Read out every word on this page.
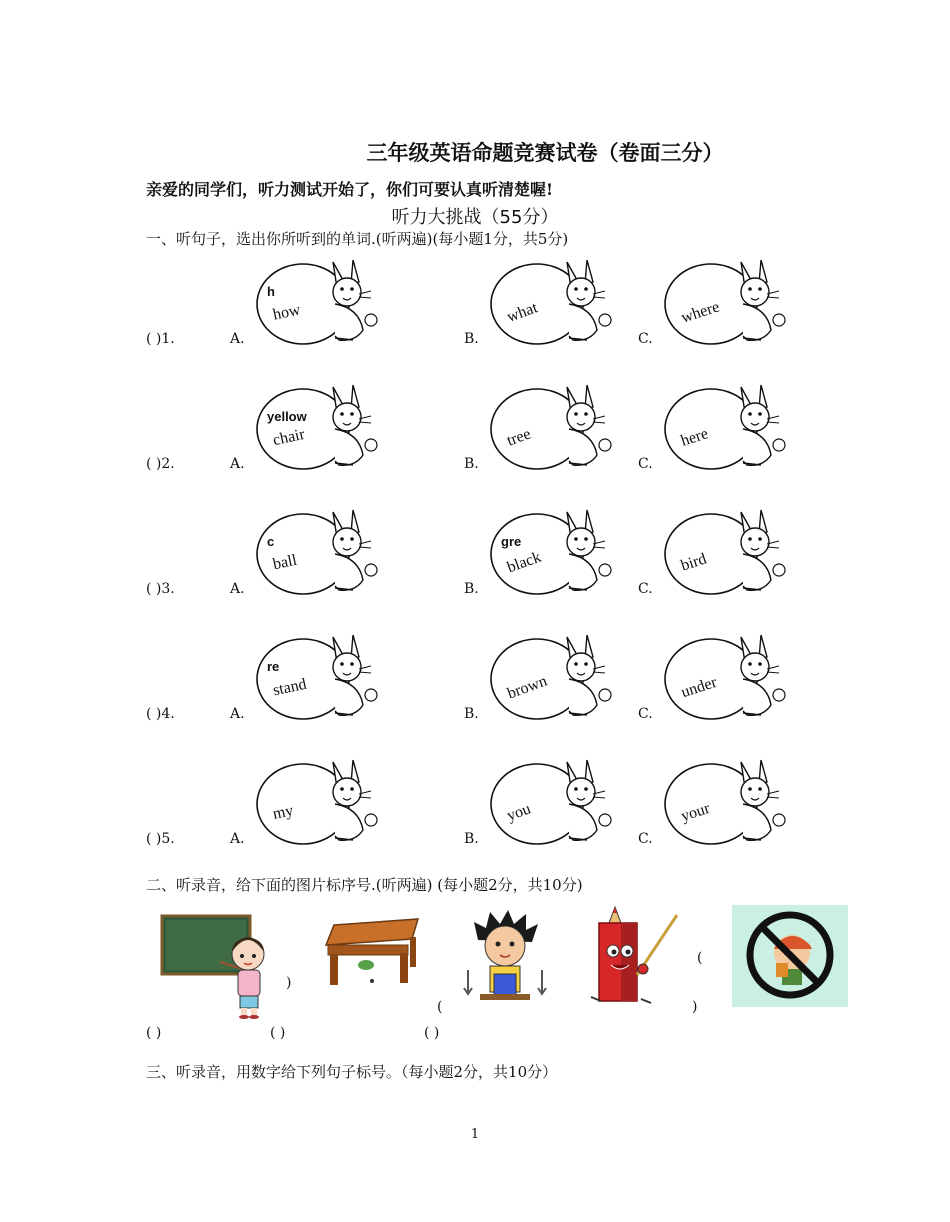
三年级英语命题竞赛试卷（卷面三分）
亲爱的同学们，听力测试开始了，你们可要认真听清楚喔!
听力大挑战（55分）
一、听句子，选出你所听到的单词.(听两遍)(每小题1分，共5分)
( )1.	A.
h
how
B.
what
C.
where
( )2.	A.
yellow
chair
B.
tree
C.
here
( )3.	A.
c
ball
B.
gre
black
C.
bird
( )4.	A.
re
stand
B.
brown
C.
under
( )5.	A.
my
B.
you
C.
your
二、听录音，给下面的图片标序号.(听两遍) (每小题2分，共10分)
( )	( )	( )
(
)
)
(
三、听录音，用数字给下列句子标号。（每小题2分，共10分）
1
